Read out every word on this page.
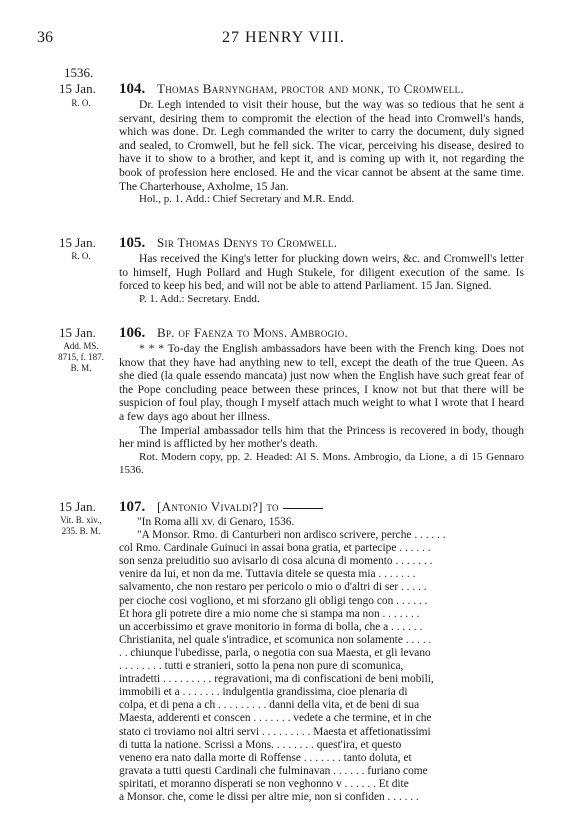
36	27 HENRY VIII.
1536.
15 Jan.
R. O.
104. Thomas Barnyngham, proctor and monk, to Cromwell.

Dr. Legh intended to visit their house, but the way was so tedious that he sent a servant, desiring them to compromit the election of the head into Cromwell's hands, which was done. Dr. Legh commanded the writer to carry the document, duly signed and sealed, to Cromwell, but he fell sick. The vicar, perceiving his disease, desired to have it to show to a brother, and kept it, and is coming up with it, not regarding the book of profession here enclosed. He and the vicar cannot be absent at the same time. The Charterhouse, Axholme, 15 Jan.

Hol., p. 1. Add.: Chief Secretary and M.R. Endd.

15 Jan.
R. O.
105. Sir Thomas Denys to Cromwell.

Has received the King's letter for plucking down weirs, &c. and Cromwell's letter to himself, Hugh Pollard and Hugh Stukele, for diligent execution of the same. Is forced to keep his bed, and will not be able to attend Parliament. 15 Jan. Signed.

P. 1. Add.: Secretary. Endd.

15 Jan.
Add. MS. 8715, f. 187. B. M.
106. Bp. of Faenza to Mons. Ambrogio.

* * * To-day the English ambassadors have been with the French king. Does not know that they have had anything new to tell, except the death of the true Queen. As she died (la quale essendo mancata) just now when the English have such great fear of the Pope concluding peace between these princes, I know not but that there will be suspicion of foul play, though I myself attach much weight to what I wrote that I heard a few days ago about her illness.

The Imperial ambassador tells him that the Princess is recovered in body, though her mind is afflicted by her mother's death.

Rot. Modern copy, pp. 2. Headed: Al S. Mons. Ambrogio, da Lione, a di 15 Gennaro 1536.

15 Jan.
Vit. B. xiv., 235. B. M.
107. [Antonio Vivaldi?] to
"In Roma alli xv. di Genaro, 1536.
"A Monsor. Rmo. di Canturberi non ardisco scrivere, perche . . . . . .
col Rmo. Cardinale Guinuci in assai bona gratia, et partecipe . . . . . .
son senza preiuditio suo avisarlo di cosa alcuna di momento . . . . . . .
venire da lui, et non da me. Tuttavia ditele se questa mia . . . . . . .
salvamento, che non restaro per pericolo o mio o d'altri di ser . . . . .
per cioche cosi vogliono, et mi sforzano gli obligi tengo con . . . . . .
Et hora gli potrete dire a mio nome che si stampa ma non . . . . . . .
un accerbissimo et grave monitorio in forma di bolla, che a . . . . . .
Christianita, nel quale s'intradice, et scomunica non solamente . . . . .
. . chiunque l'ubedisse, parla, o negotia con sua Maesta, et gli levano
. . . . . . . . tutti e stranieri, sotto la pena non pure di scomunica,
intradetti . . . . . . . . . regravationi, ma di confiscationi de beni mobili,
immobili et a . . . . . . . indulgentia grandissima, cioe plenaria di
colpa, et di pena a ch . . . . . . . . . danni della vita, et de beni di sua
Maesta, adderenti et conscen . . . . . . . vedete a che termine, et in che
stato ci troviamo noi altri servi . . . . . . . . . Maesta et affetionatissimi
di tutta la natione. Scrissi a Mons. . . . . . . . quest'ira, et questo
veneno era nato dalla morte di Roffense . . . . . . . tanto doluta, et
gravata a tutti questi Cardinali che fulminavan . . . . . . furiano come
spiritati, et moranno disperati se non veghonno v . . . . . . Et dite
a Monsor. che, come le dissi per altre mie, non si confiden . . . . . .
